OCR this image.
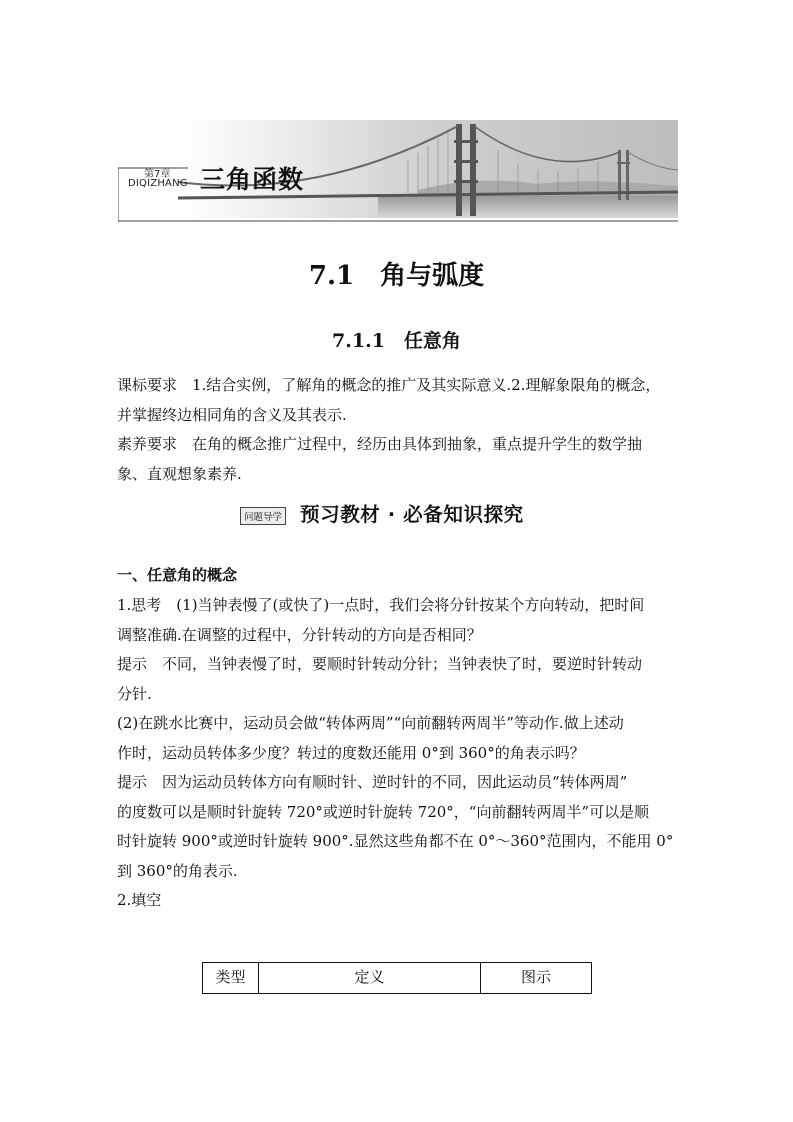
第7章
DIQIZHANG 三角函数
7.1　角与弧度
7.1.1　任意角
课标要求　1.结合实例，了解角的概念的推广及其实际意义.2.理解象限角的概念，
并掌握终边相同角的含义及其表示.
素养要求　在角的概念推广过程中，经历由具体到抽象，重点提升学生的数学抽
象、直观想象素养.
问题导学 预习教材 · 必备知识探究
一、任意角的概念
1.思考　(1)当钟表慢了(或快了)一点时，我们会将分针按某个方向转动，把时间
调整准确.在调整的过程中，分针转动的方向是否相同？
提示　不同，当钟表慢了时，要顺时针转动分针；当钟表快了时，要逆时针转动
分针.
(2)在跳水比赛中，运动员会做“转体两周”“向前翻转两周半”等动作.做上述动
作时，运动员转体多少度？转过的度数还能用 0°到 360°的角表示吗？
提示　因为运动员转体方向有顺时针、逆时针的不同，因此运动员“转体两周”
的度数可以是顺时针旋转 720°或逆时针旋转 720°，“向前翻转两周半”可以是顺
时针旋转 900°或逆时针旋转 900°.显然这些角都不在 0°～360°范围内，不能用 0°
到 360°的角表示.
2.填空
类型	定义	图示
